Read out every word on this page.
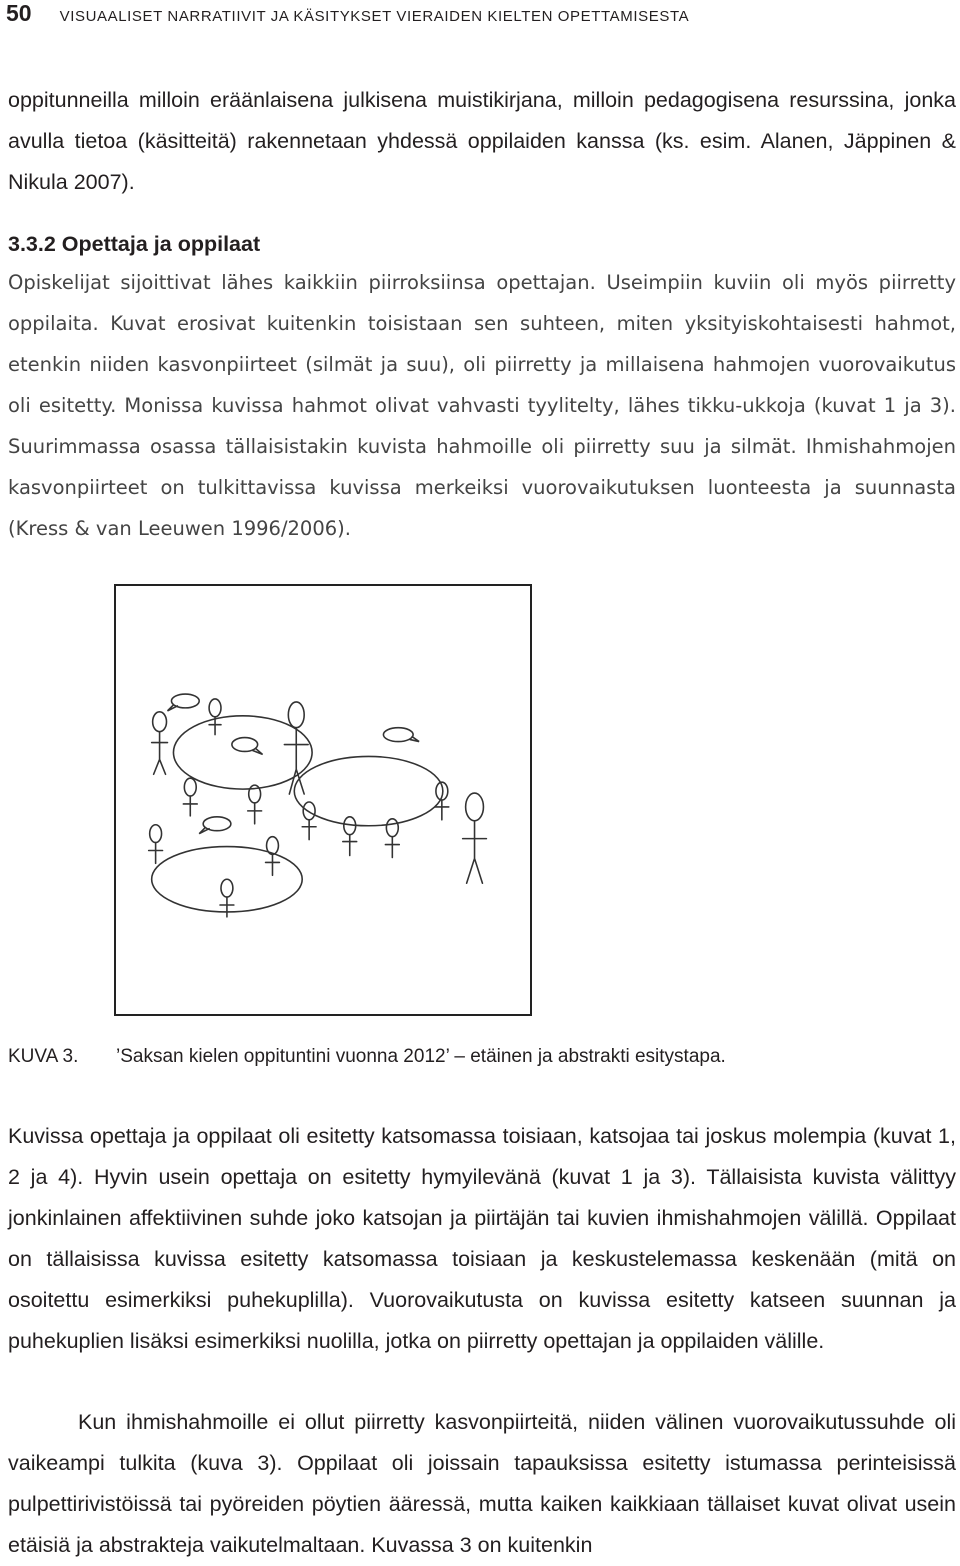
50 VISUAALISET NARRATIIVIT JA KÄSITYKSET VIERAIDEN KIELTEN OPETTAMISESTA

oppitunneilla milloin eräänlaisena julkisena muistikirjana, milloin pedagogisena resurssina, jonka avulla tietoa (käsitteitä) rakennetaan yhdessä oppilaiden kanssa (ks. esim. Alanen, Jäppinen & Nikula 2007).

3.3.2 Opettaja ja oppilaat

Opiskelijat sijoittivat lähes kaikkiin piirroksiinsa opettajan. Useimpiin kuviin oli myös piirretty oppilaita. Kuvat erosivat kuitenkin toisistaan sen suhteen, miten yksityiskohtaisesti hahmot, etenkin niiden kasvonpiirteet (silmät ja suu), oli piirretty ja millaisena hahmojen vuorovaikutus oli esitetty. Monissa kuvissa hahmot olivat vahvasti tyylitelty, lähes tikku-ukkoja (kuvat 1 ja 3). Suurimmassa osassa tällaisistakin kuvista hahmoille oli piirretty suu ja silmät. Ihmishahmojen kasvonpiirteet on tulkittavissa kuvissa merkeiksi vuorovaikutuksen luonteesta ja suunnasta (Kress & van Leeuwen 1996/2006).

KUVA 3.	’Saksan kielen oppituntini vuonna 2012’ – etäinen ja abstrakti esitystapa.

Kuvissa opettaja ja oppilaat oli esitetty katsomassa toisiaan, katsojaa tai joskus molempia (kuvat 1, 2 ja 4). Hyvin usein opettaja on esitetty hymyilevänä (kuvat 1 ja 3). Tällaisista kuvista välittyy jonkinlainen affektiivinen suhde joko katsojan ja piirtäjän tai kuvien ihmishahmojen välillä. Oppilaat on tällaisissa kuvissa esitetty katsomassa toisiaan ja keskustelemassa keskenään (mitä on osoitettu esimerkiksi puhekuplilla). Vuorovaikutusta on kuvissa esitetty katseen suunnan ja puhekuplien lisäksi esimerkiksi nuolilla, jotka on piirretty opettajan ja oppilaiden välille.

Kun ihmishahmoille ei ollut piirretty kasvonpiirteitä, niiden välinen vuorovaikutussuhde oli vaikeampi tulkita (kuva 3). Oppilaat oli joissain tapauksissa esitetty istumassa perinteisissä pulpettirivistöissä tai pyöreiden pöytien ääressä, mutta kaiken kaikkiaan tällaiset kuvat olivat usein etäisiä ja abstrakteja vaikutelmaltaan. Kuvassa 3 on kuitenkin
